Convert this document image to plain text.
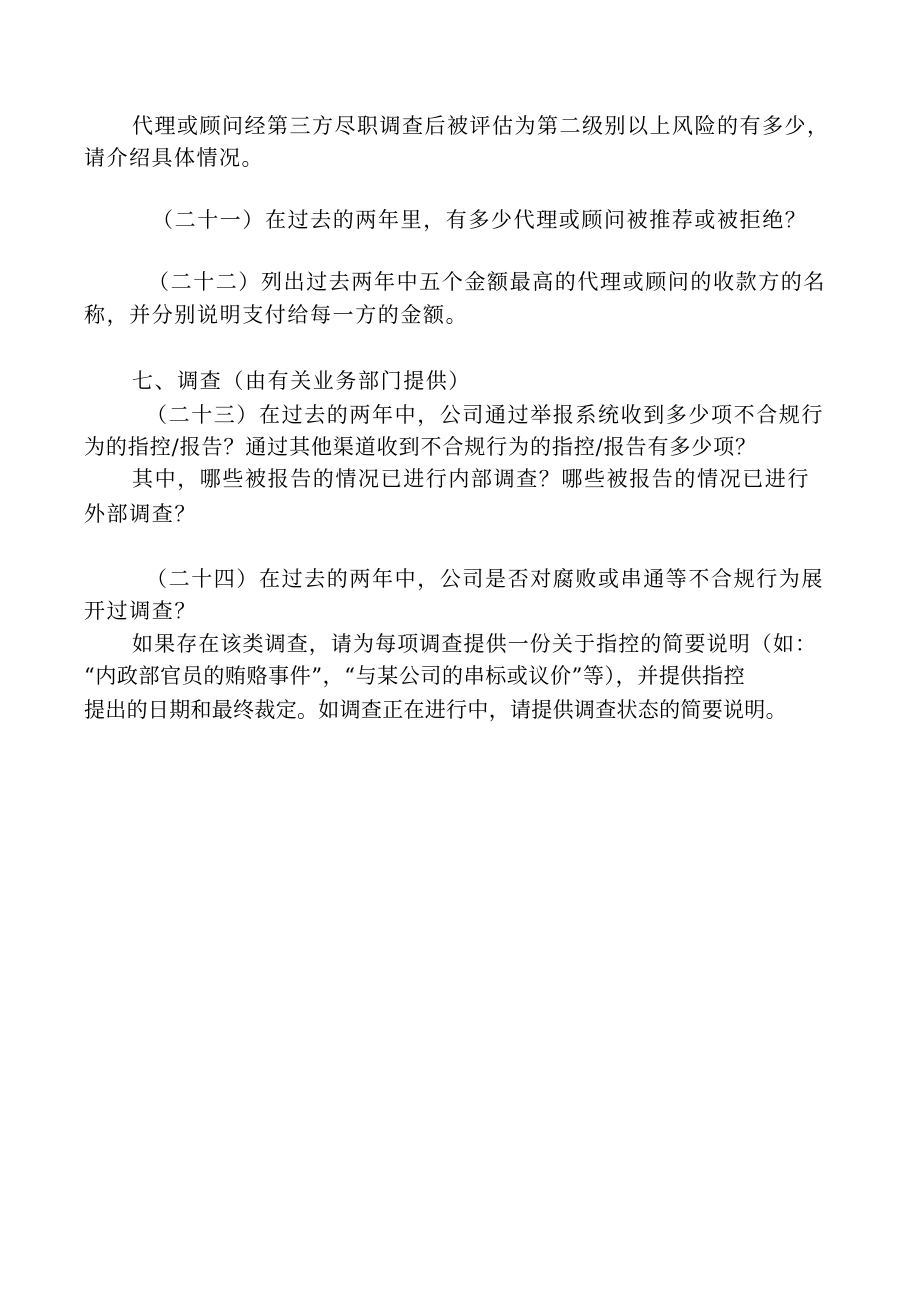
代理或顾问经第三方尽职调查后被评估为第二级别以上风险的有多少，
请介绍具体情况。
（二十一）在过去的两年里，有多少代理或顾问被推荐或被拒绝？
（二十二）列出过去两年中五个金额最高的代理或顾问的收款方的名
称，并分别说明支付给每一方的金额。
七、调查（由有关业务部门提供）
（二十三）在过去的两年中，公司通过举报系统收到多少项不合规行
为的指控/报告？通过其他渠道收到不合规行为的指控/报告有多少项？
其中，哪些被报告的情况已进行内部调查？哪些被报告的情况已进行
外部调查？
（二十四）在过去的两年中，公司是否对腐败或串通等不合规行为展
开过调查？
如果存在该类调查，请为每项调查提供一份关于指控的简要说明（如：
“内政部官员的贿赂事件”，“与某公司的串标或议价”等），并提供指控
提出的日期和最终裁定。如调查正在进行中，请提供调查状态的简要说明。
